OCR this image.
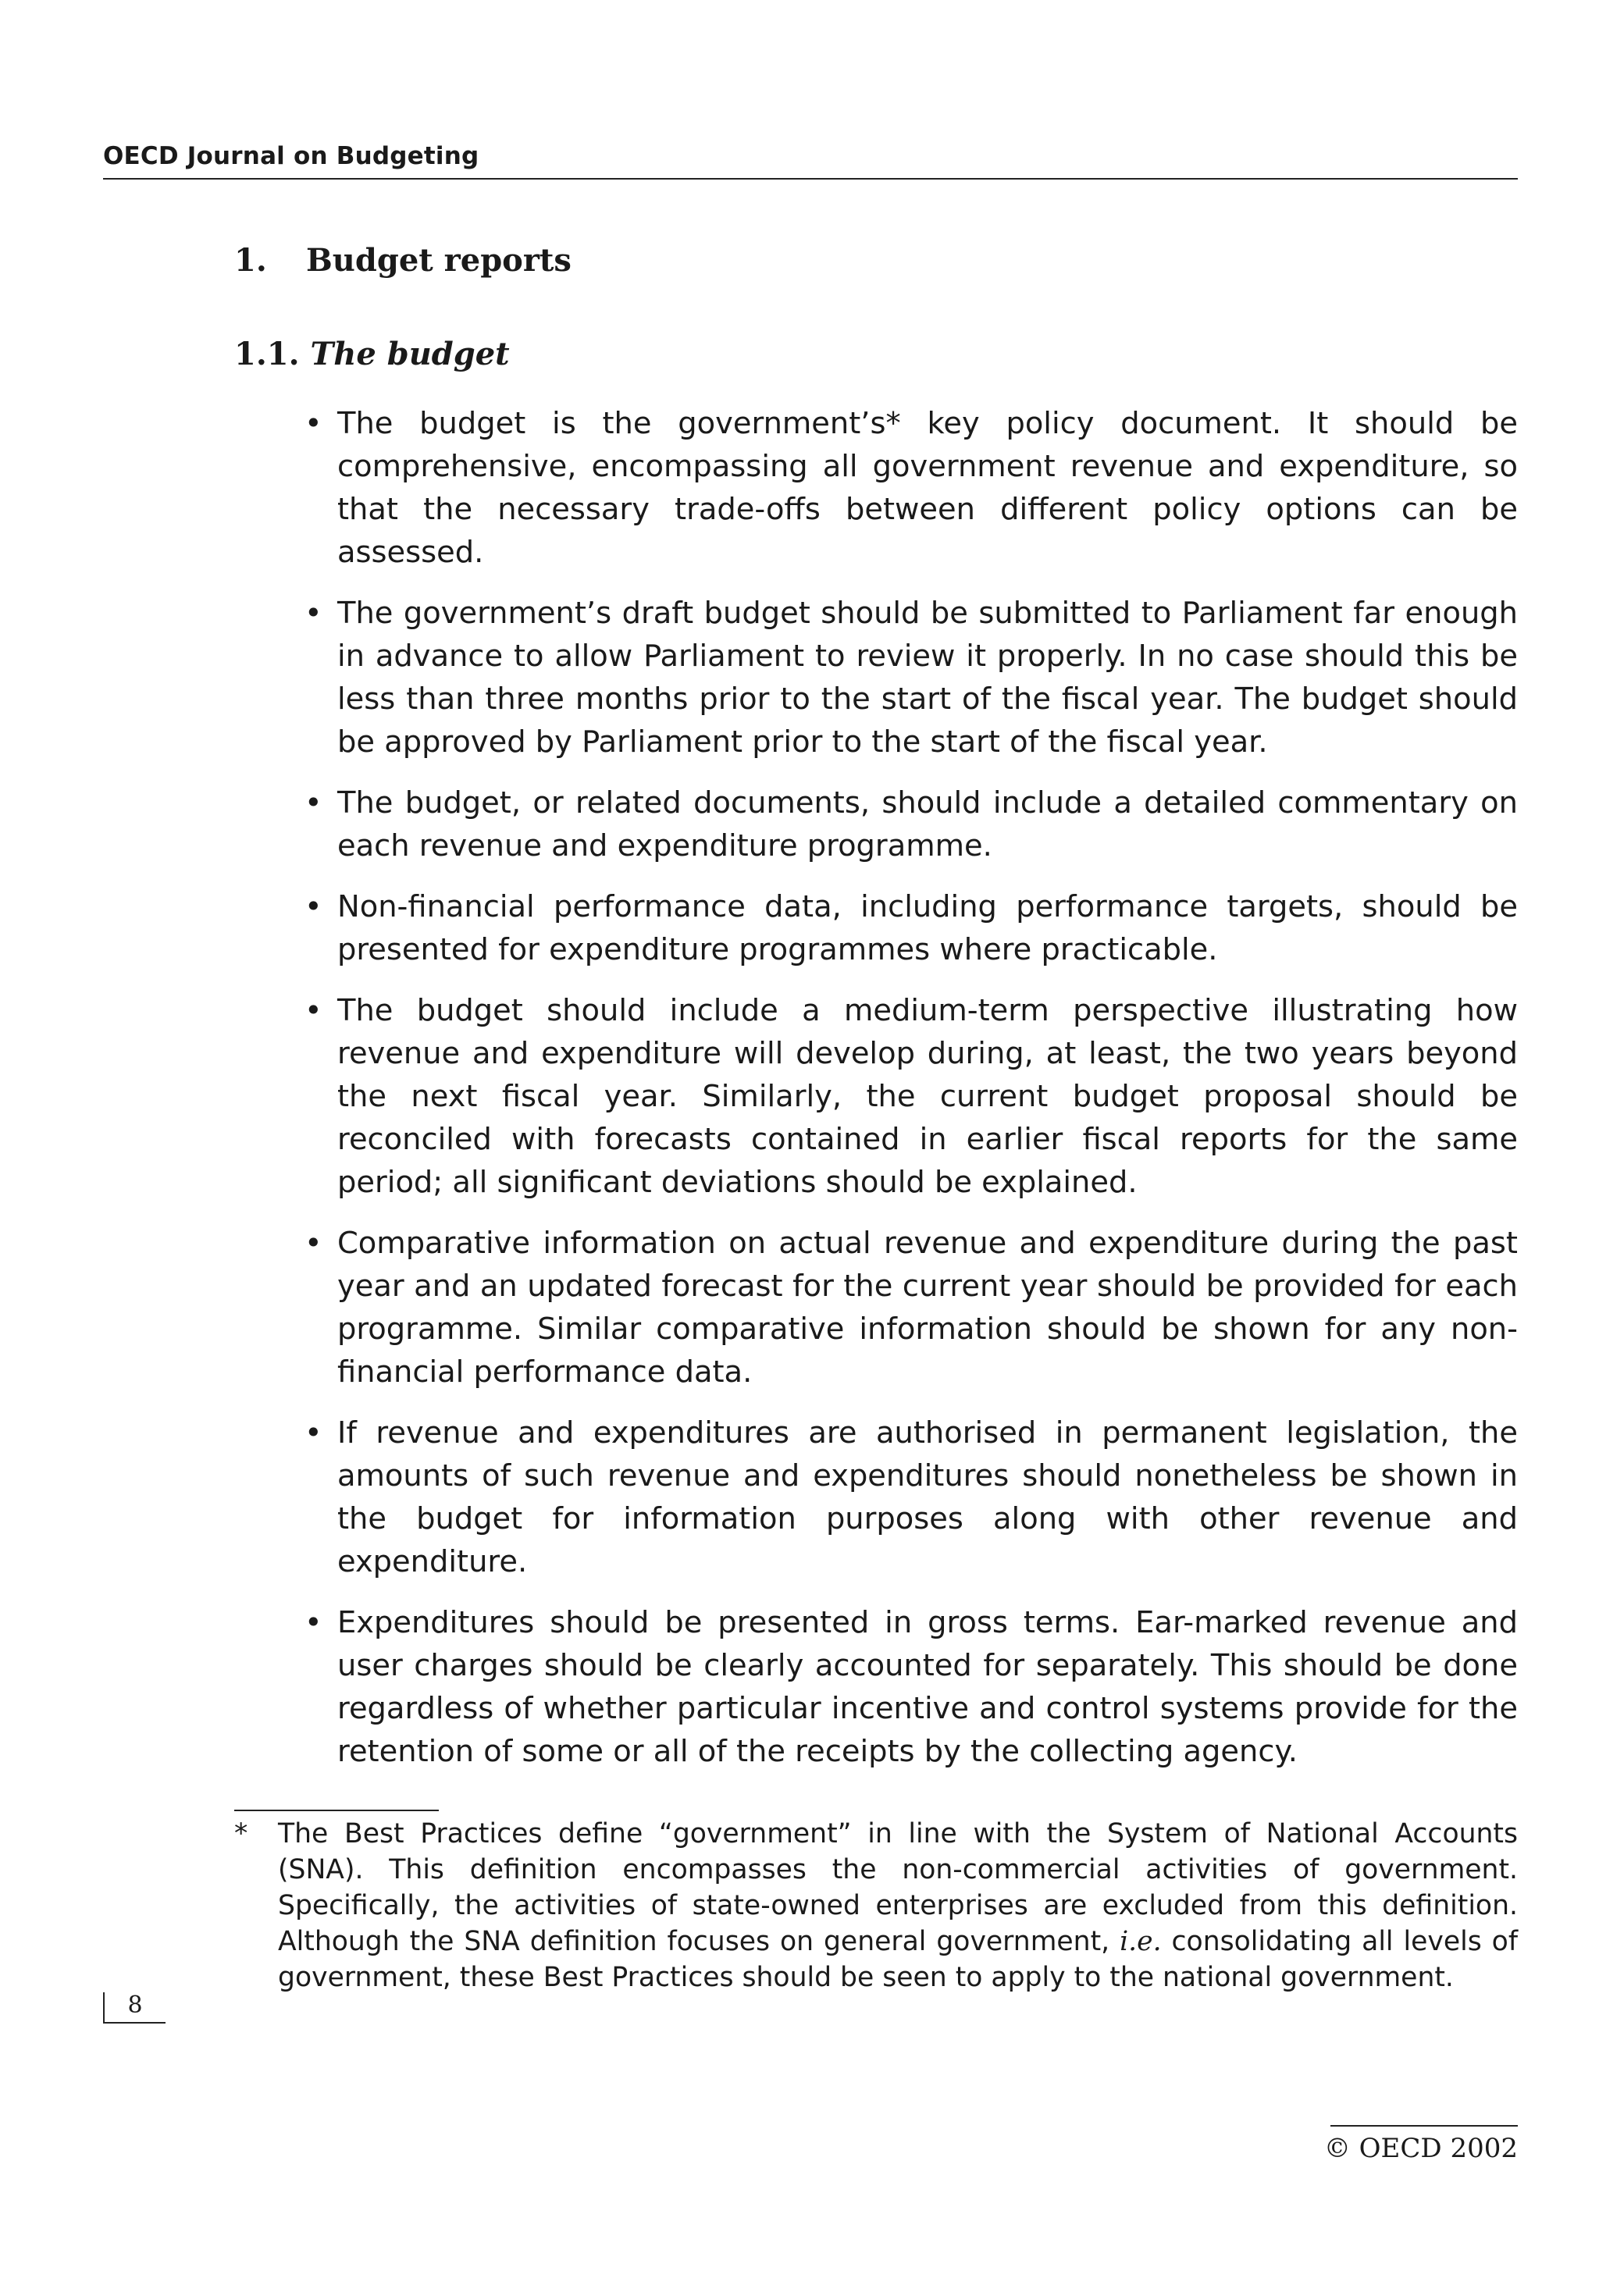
OECD Journal on Budgeting
1. Budget reports
1.1. The budget
• The budget is the government’s* key policy document. It should be comprehensive, encompassing all government revenue and expenditure, so that the necessary trade-offs between different policy options can be assessed.
• The government’s draft budget should be submitted to Parliament far enough in advance to allow Parliament to review it properly. In no case should this be less than three months prior to the start of the fiscal year. The budget should be approved by Parliament prior to the start of the fiscal year.
• The budget, or related documents, should include a detailed commentary on each revenue and expenditure programme.
• Non-financial performance data, including performance targets, should be presented for expenditure programmes where practicable.
• The budget should include a medium-term perspective illustrating how revenue and expenditure will develop during, at least, the two years beyond the next fiscal year. Similarly, the current budget proposal should be reconciled with forecasts contained in earlier fiscal reports for the same period; all significant deviations should be explained.
• Comparative information on actual revenue and expenditure during the past year and an updated forecast for the current year should be provided for each programme. Similar comparative information should be shown for any non-financial performance data.
• If revenue and expenditures are authorised in permanent legislation, the amounts of such revenue and expenditures should nonetheless be shown in the budget for information purposes along with other revenue and expenditure.
• Expenditures should be presented in gross terms. Ear-marked revenue and user charges should be clearly accounted for separately. This should be done regardless of whether particular incentive and control systems provide for the retention of some or all of the receipts by the collecting agency.
* The Best Practices define “government” in line with the System of National Accounts (SNA). This definition encompasses the non-commercial activities of government. Specifically, the activities of state-owned enterprises are excluded from this definition. Although the SNA definition focuses on general government, i.e. consolidating all levels of government, these Best Practices should be seen to apply to the national government.
8
© OECD 2002
